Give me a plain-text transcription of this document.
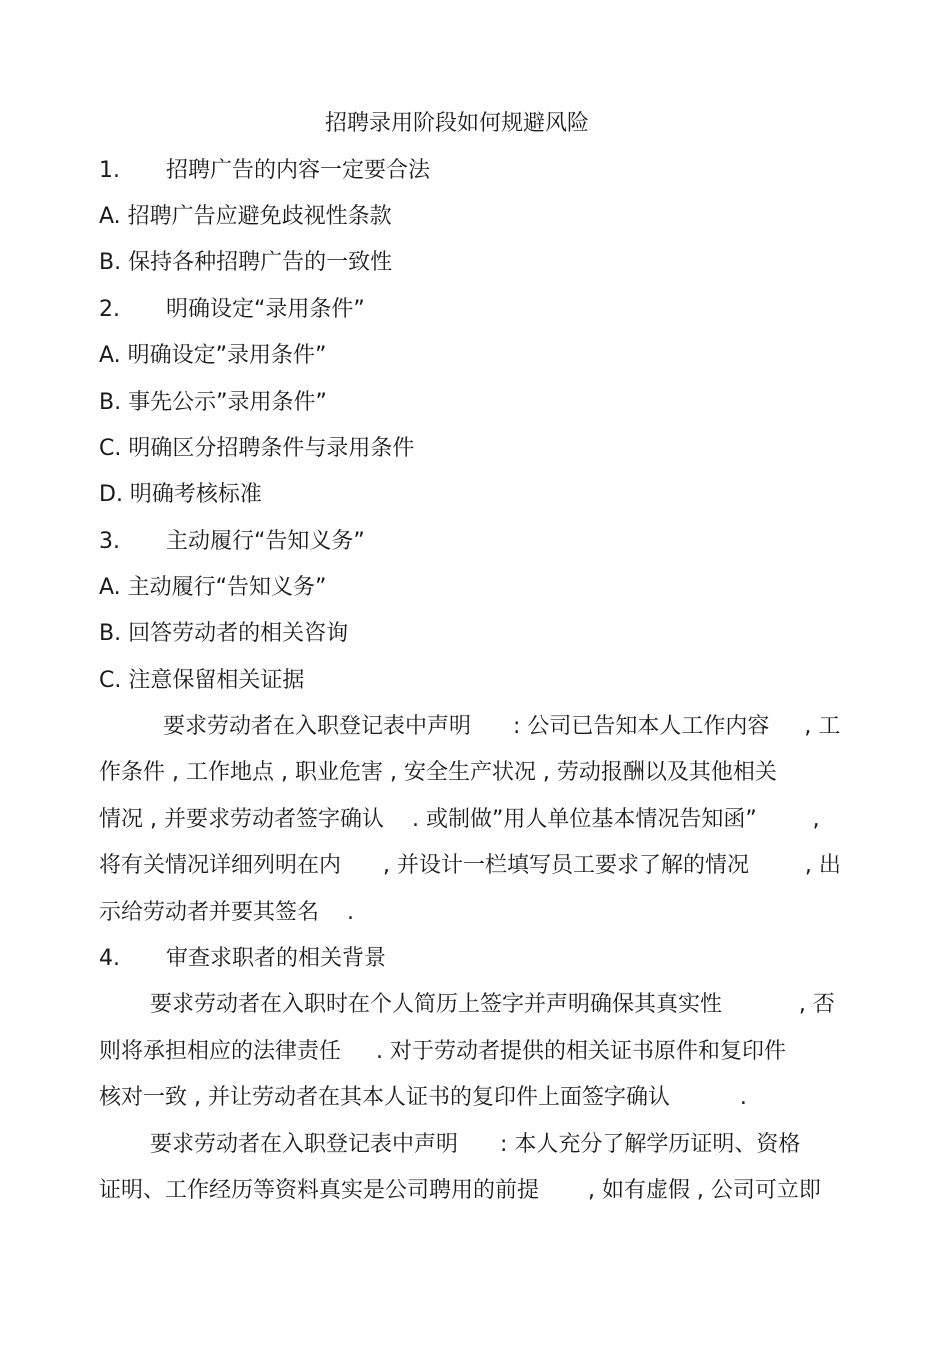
招聘录用阶段如何规避风险
1. 招聘广告的内容一定要合法
A. 招聘广告应避免歧视性条款
B. 保持各种招聘广告的一致性
2. 明确设定“录用条件”
A. 明确设定”录用条件”
B. 事先公示”录用条件”
C. 明确区分招聘条件与录用条件
D. 明确考核标准
3. 主动履行“告知义务”
A. 主动履行“告知义务”
B. 回答劳动者的相关咨询
C. 注意保留相关证据
要求劳动者在入职登记表中声明      : 公司已告知本人工作内容     , 工
作条件 , 工作地点 , 职业危害 , 安全生产状况 , 劳动报酬以及其他相关
情况 , 并要求劳动者签字确认    . 或制做”用人单位基本情况告知函”        ,
将有关情况详细列明在内      , 并设计一栏填写员工要求了解的情况        , 出
示给劳动者并要其签名    .
4. 审查求职者的相关背景
要求劳动者在入职时在个人简历上签字并声明确保其真实性           , 否
则将承担相应的法律责任     . 对于劳动者提供的相关证书原件和复印件
核对一致 , 并让劳动者在其本人证书的复印件上面签字确认          .
要求劳动者在入职登记表中声明      : 本人充分了解学历证明、资格
证明、工作经历等资料真实是公司聘用的前提       , 如有虚假 , 公司可立即
